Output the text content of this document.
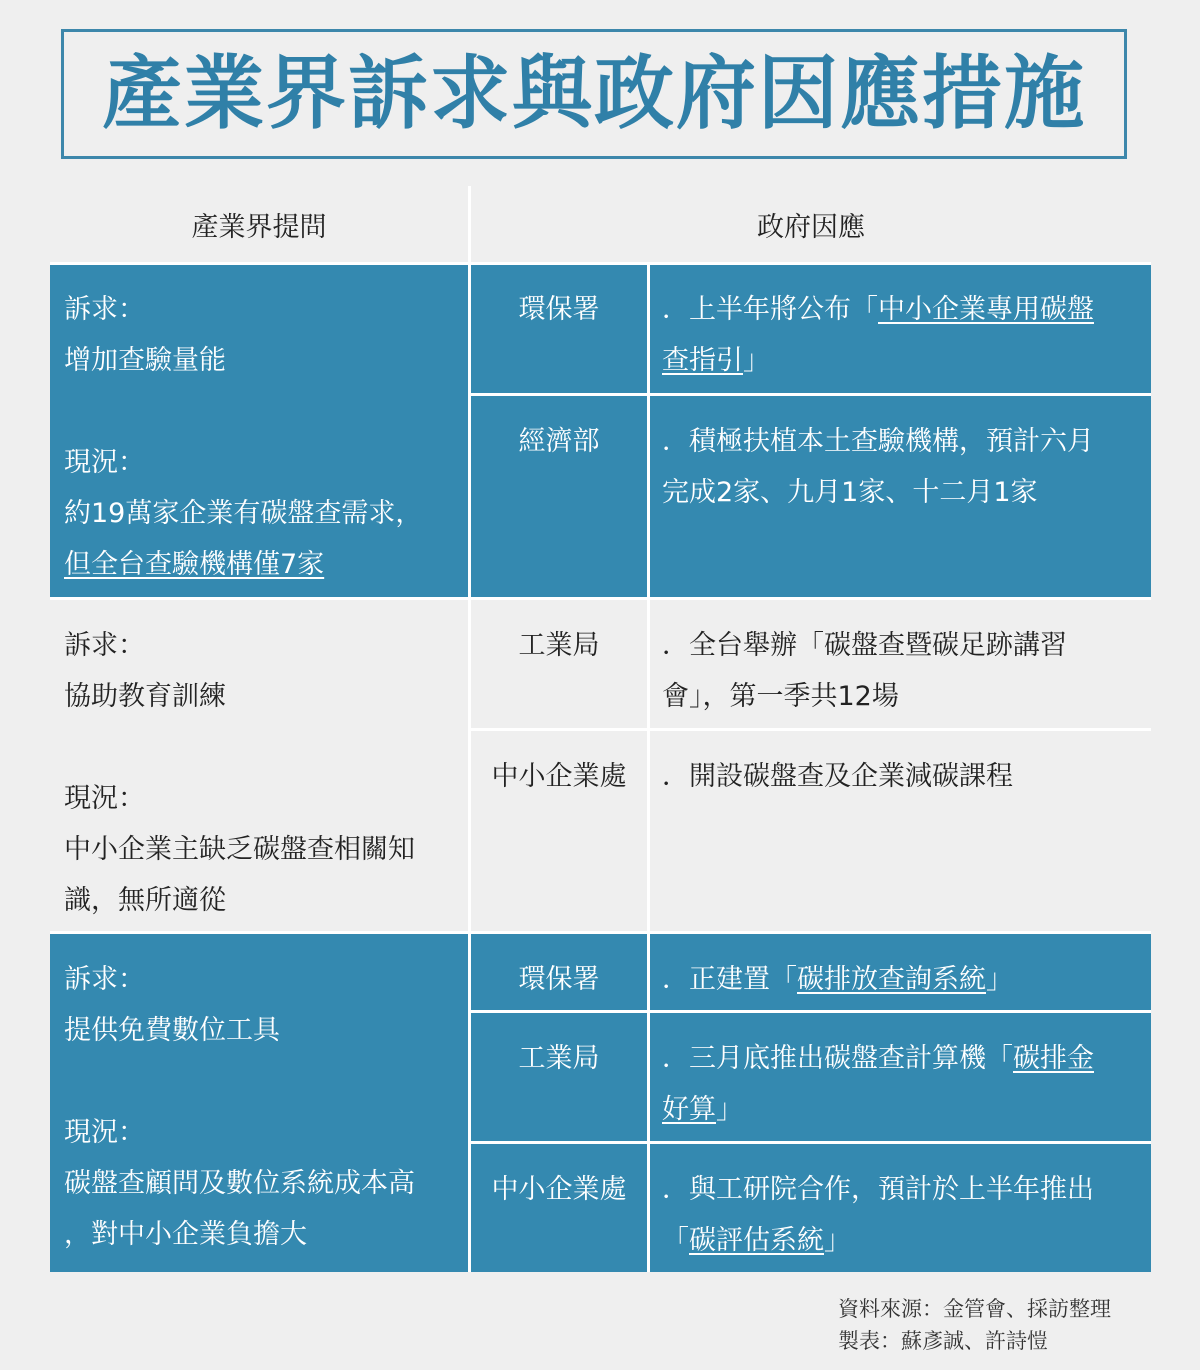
產業界訴求與政府因應措施
產業界提問	政府因應
訴求：
增加查驗量能
現況：
約19萬家企業有碳盤查需求，
但全台查驗機構僅7家
環保署	．上半年將公布「中小企業專用碳盤
查指引」
經濟部	．積極扶植本土查驗機構，預計六月
完成2家、九月1家、十二月1家
訴求：
協助教育訓練
現況：
中小企業主缺乏碳盤查相關知
識，無所適從
工業局	．全台舉辦「碳盤查暨碳足跡講習
會」，第一季共12場
中小企業處	．開設碳盤查及企業減碳課程
訴求：
提供免費數位工具
現況：
碳盤查顧問及數位系統成本高
，對中小企業負擔大
環保署	．正建置「碳排放查詢系統」
工業局	．三月底推出碳盤查計算機「碳排金
好算」
中小企業處	．與工研院合作，預計於上半年推出
「碳評估系統」
資料來源：金管會、採訪整理
製表：蘇彥誠、許詩愷
